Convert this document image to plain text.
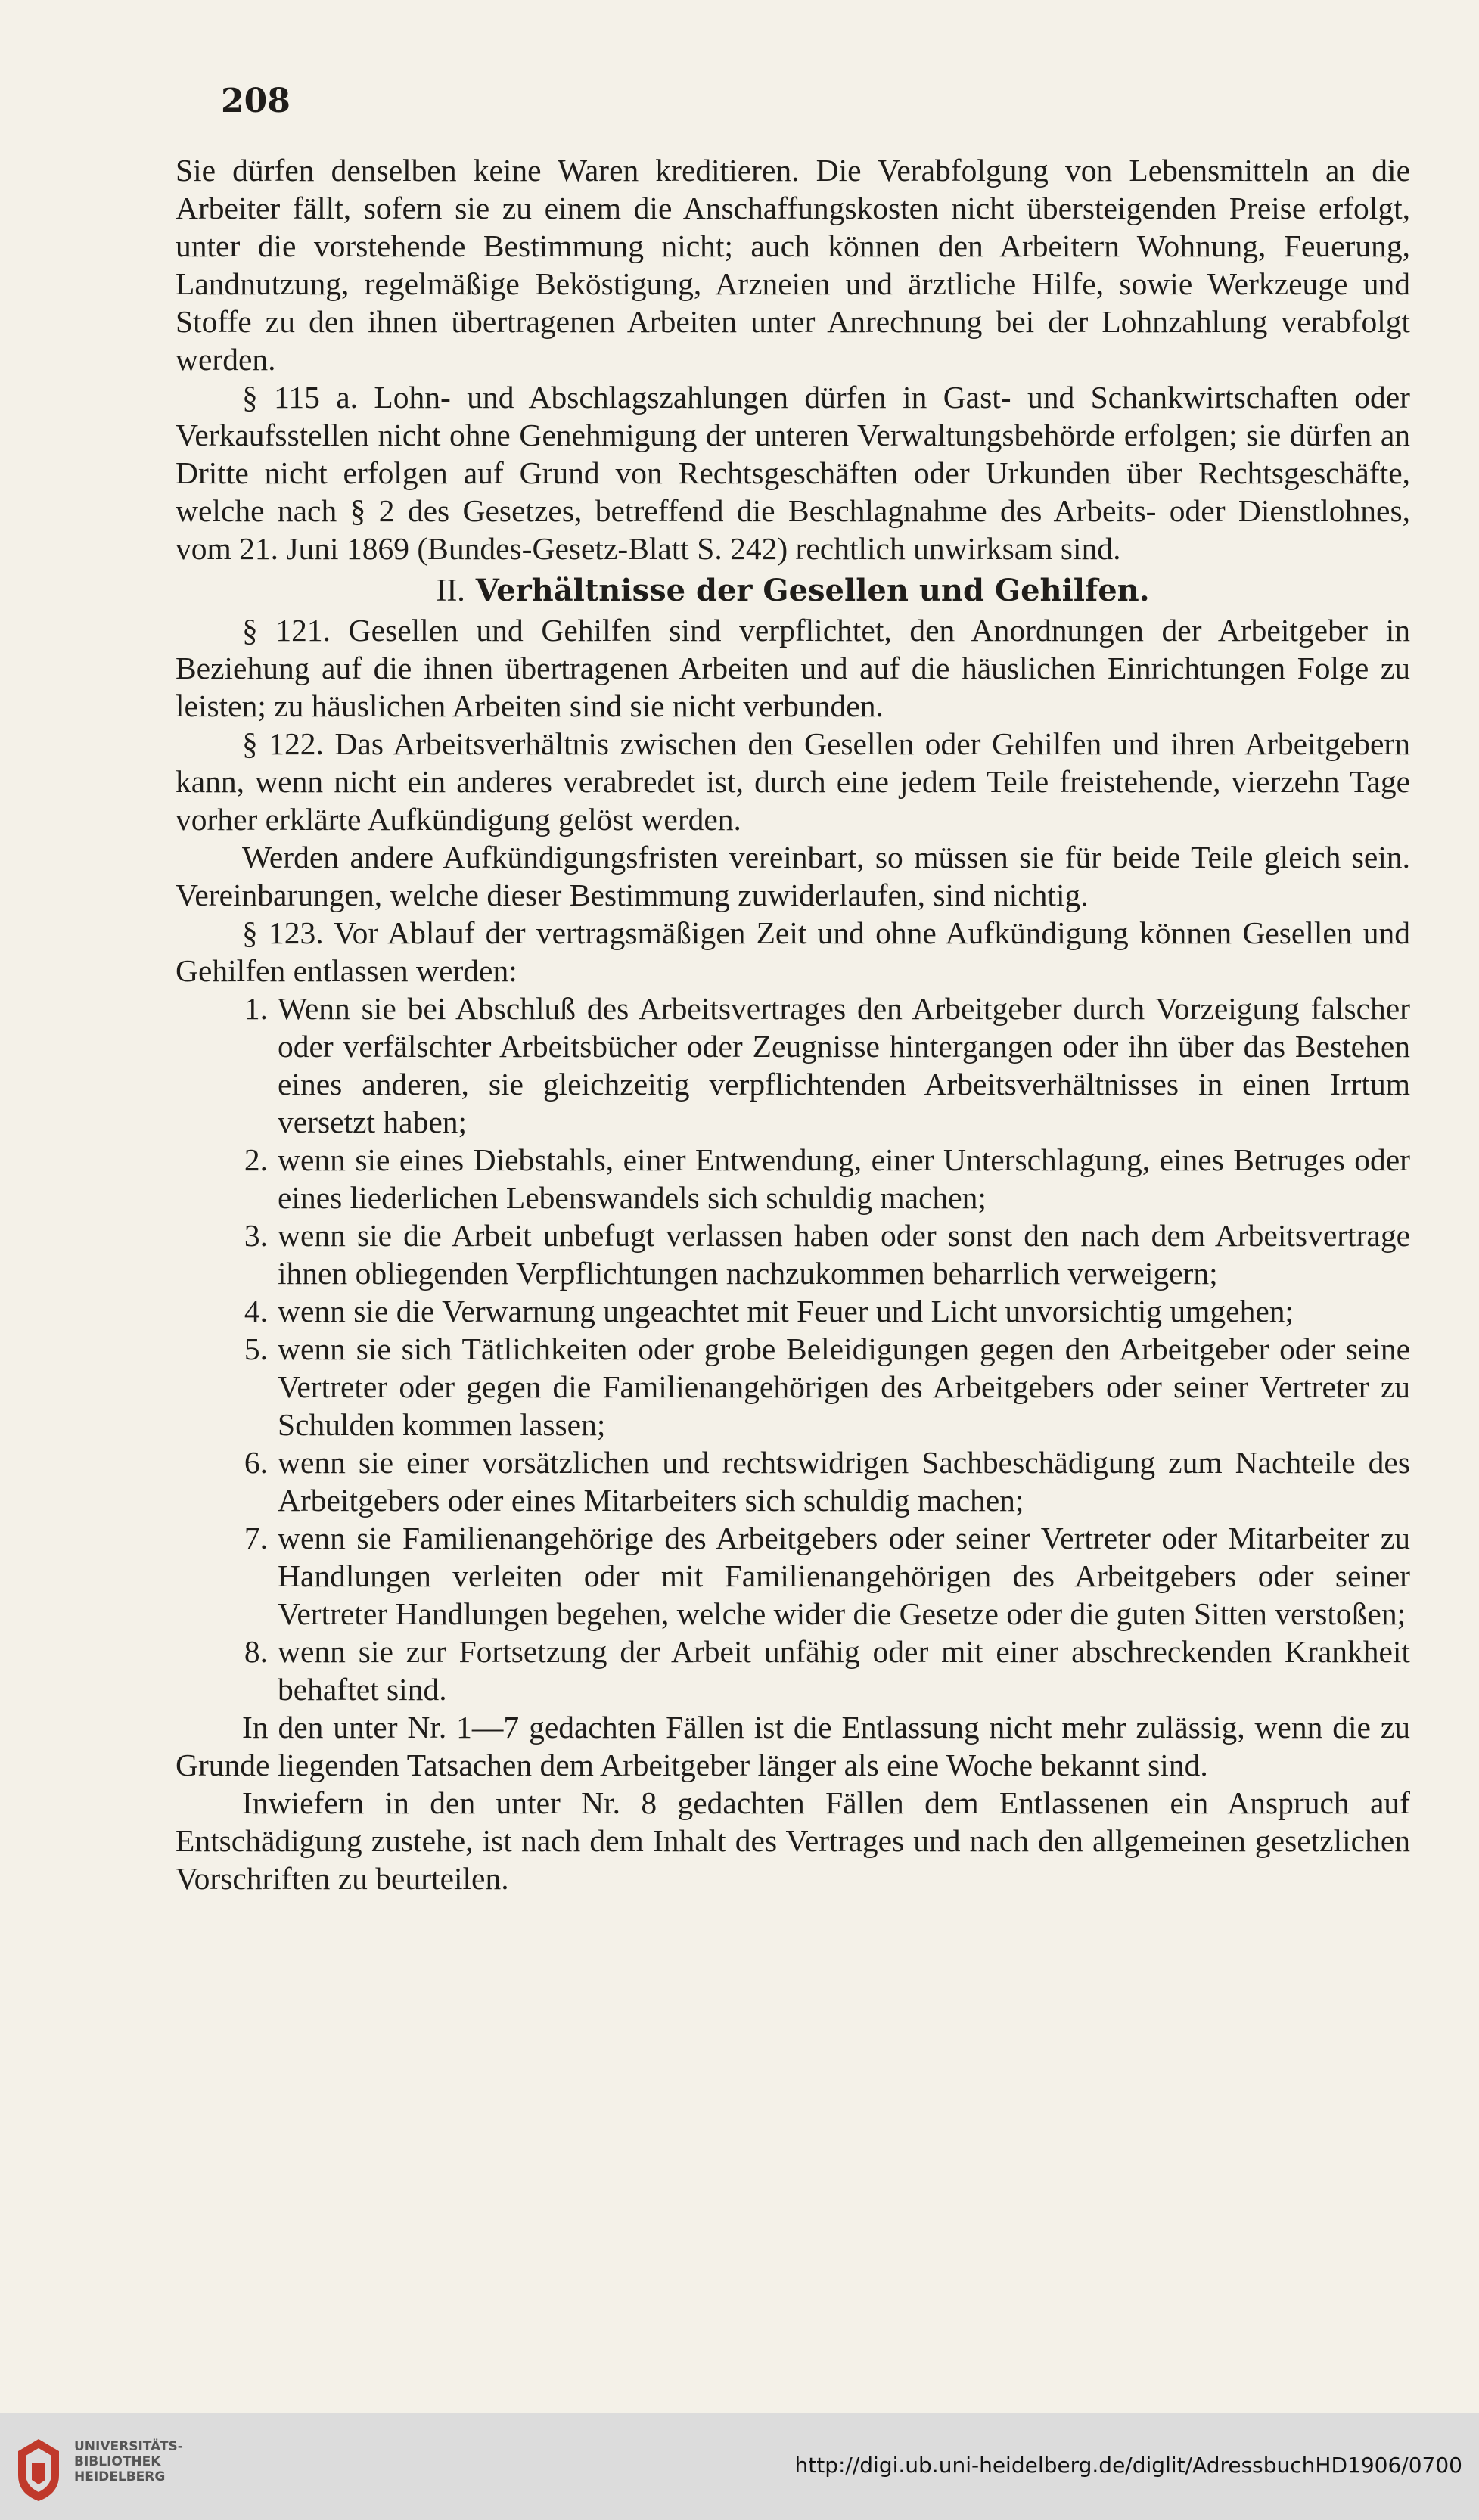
208

Sie dürfen denselben keine Waren kreditieren. Die Verabfolgung von Lebensmitteln an die Arbeiter fällt, sofern sie zu einem die Anschaffungskosten nicht übersteigenden Preise erfolgt, unter die vorstehende Bestimmung nicht; auch können den Arbeitern Wohnung, Feuerung, Landnutzung, regelmäßige Beköstigung, Arzneien und ärztliche Hilfe, sowie Werkzeuge und Stoffe zu den ihnen übertragenen Arbeiten unter Anrechnung bei der Lohnzahlung verabfolgt werden.

§ 115 a. Lohn- und Abschlagszahlungen dürfen in Gast- und Schankwirtschaften oder Verkaufsstellen nicht ohne Genehmigung der unteren Verwaltungsbehörde erfolgen; sie dürfen an Dritte nicht erfolgen auf Grund von Rechtsgeschäften oder Urkunden über Rechtsgeschäfte, welche nach § 2 des Gesetzes, betreffend die Beschlagnahme des Arbeits- oder Dienstlohnes, vom 21. Juni 1869 (Bundes-Gesetz-Blatt S. 242) rechtlich unwirksam sind.

II. Verhältnisse der Gesellen und Gehilfen.

§ 121. Gesellen und Gehilfen sind verpflichtet, den Anordnungen der Arbeitgeber in Beziehung auf die ihnen übertragenen Arbeiten und auf die häuslichen Einrichtungen Folge zu leisten; zu häuslichen Arbeiten sind sie nicht verbunden.

§ 122. Das Arbeitsverhältnis zwischen den Gesellen oder Gehilfen und ihren Arbeitgebern kann, wenn nicht ein anderes verabredet ist, durch eine jedem Teile freistehende, vierzehn Tage vorher erklärte Aufkündigung gelöst werden.

Werden andere Aufkündigungsfristen vereinbart, so müssen sie für beide Teile gleich sein. Vereinbarungen, welche dieser Bestimmung zuwiderlaufen, sind nichtig.

§ 123. Vor Ablauf der vertragsmäßigen Zeit und ohne Aufkündigung können Gesellen und Gehilfen entlassen werden:

1. Wenn sie bei Abschluß des Arbeitsvertrages den Arbeitgeber durch Vorzeigung falscher oder verfälschter Arbeitsbücher oder Zeugnisse hintergangen oder ihn über das Bestehen eines anderen, sie gleichzeitig verpflichtenden Arbeitsverhältnisses in einen Irrtum versetzt haben;
2. wenn sie eines Diebstahls, einer Entwendung, einer Unterschlagung, eines Betruges oder eines liederlichen Lebenswandels sich schuldig machen;
3. wenn sie die Arbeit unbefugt verlassen haben oder sonst den nach dem Arbeitsvertrage ihnen obliegenden Verpflichtungen nachzukommen beharrlich verweigern;
4. wenn sie die Verwarnung ungeachtet mit Feuer und Licht unvorsichtig umgehen;
5. wenn sie sich Tätlichkeiten oder grobe Beleidigungen gegen den Arbeitgeber oder seine Vertreter oder gegen die Familienangehörigen des Arbeitgebers oder seiner Vertreter zu Schulden kommen lassen;
6. wenn sie einer vorsätzlichen und rechtswidrigen Sachbeschädigung zum Nachteile des Arbeitgebers oder eines Mitarbeiters sich schuldig machen;
7. wenn sie Familienangehörige des Arbeitgebers oder seiner Vertreter oder Mitarbeiter zu Handlungen verleiten oder mit Familienangehörigen des Arbeitgebers oder seiner Vertreter Handlungen begehen, welche wider die Gesetze oder die guten Sitten verstoßen;
8. wenn sie zur Fortsetzung der Arbeit unfähig oder mit einer abschreckenden Krankheit behaftet sind.

In den unter Nr. 1—7 gedachten Fällen ist die Entlassung nicht mehr zulässig, wenn die zu Grunde liegenden Tatsachen dem Arbeitgeber länger als eine Woche bekannt sind.

Inwiefern in den unter Nr. 8 gedachten Fällen dem Entlassenen ein Anspruch auf Entschädigung zustehe, ist nach dem Inhalt des Vertrages und nach den allgemeinen gesetzlichen Vorschriften zu beurteilen.

UNIVERSITÄTS-
BIBLIOTHEK
HEIDELBERG	http://digi.ub.uni-heidelberg.de/diglit/AdressbuchHD1906/0700
